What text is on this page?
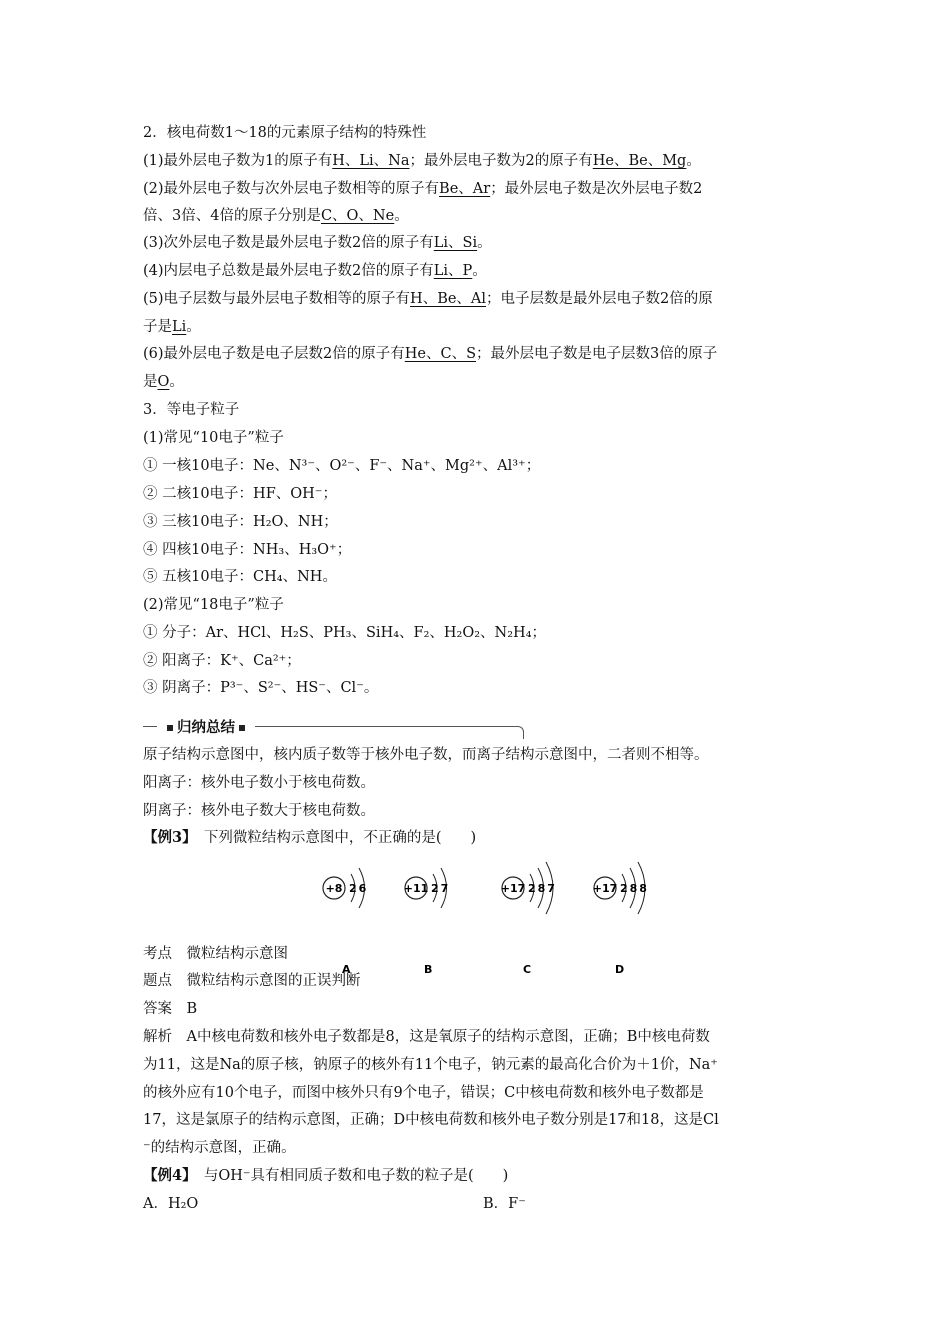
2．核电荷数1～18的元素原子结构的特殊性
(1)最外层电子数为1的原子有H、Li、Na；最外层电子数为2的原子有He、Be、Mg。
(2)最外层电子数与次外层电子数相等的原子有Be、Ar；最外层电子数是次外层电子数2
倍、3倍、4倍的原子分别是C、O、Ne。
(3)次外层电子数是最外层电子数2倍的原子有Li、Si。
(4)内层电子总数是最外层电子数2倍的原子有Li、P。
(5)电子层数与最外层电子数相等的原子有H、Be、Al；电子层数是最外层电子数2倍的原
子是Li。
(6)最外层电子数是电子层数2倍的原子有He、C、S；最外层电子数是电子层数3倍的原子
是O。
3．等电子粒子
(1)常见“10电子”粒子
① 一核10电子：Ne、N³⁻、O²⁻、F⁻、Na⁺、Mg²⁺、Al³⁺；
② 二核10电子：HF、OH⁻；
③ 三核10电子：H₂O、NH；
④ 四核10电子：NH₃、H₃O⁺；
⑤ 五核10电子：CH₄、NH。
(2)常见“18电子”粒子
① 分子：Ar、HCl、H₂S、PH₃、SiH₄、F₂、H₂O₂、N₂H₄；
② 阳离子：K⁺、Ca²⁺；
③ 阴离子：P³⁻、S²⁻、HS⁻、Cl⁻。
归纳总结
原子结构示意图中，核内质子数等于核外电子数，而离子结构示意图中，二者则不相等。
阳离子：核外电子数小于核电荷数。
阴离子：核外电子数大于核电荷数。
【例3】　 下列微粒结构示意图中，不正确的是(　　)
+8 26
A
+11 27
B
+17 287
C
+17 288
D
考点　微粒结构示意图
题点　微粒结构示意图的正误判断
答案　B
解析　A中核电荷数和核外电子数都是8，这是氧原子的结构示意图，正确；B中核电荷数
为11，这是Na的原子核，钠原子的核外有11个电子，钠元素的最高化合价为＋1价，Na⁺
的核外应有10个电子，而图中核外只有9个电子，错误；C中核电荷数和核外电子数都是
17，这是氯原子的结构示意图，正确；D中核电荷数和核外电子数分别是17和18，这是Cl
⁻的结构示意图，正确。
【例4】　 与OH⁻具有相同质子数和电子数的粒子是(　　)
A．H₂O	B．F⁻
